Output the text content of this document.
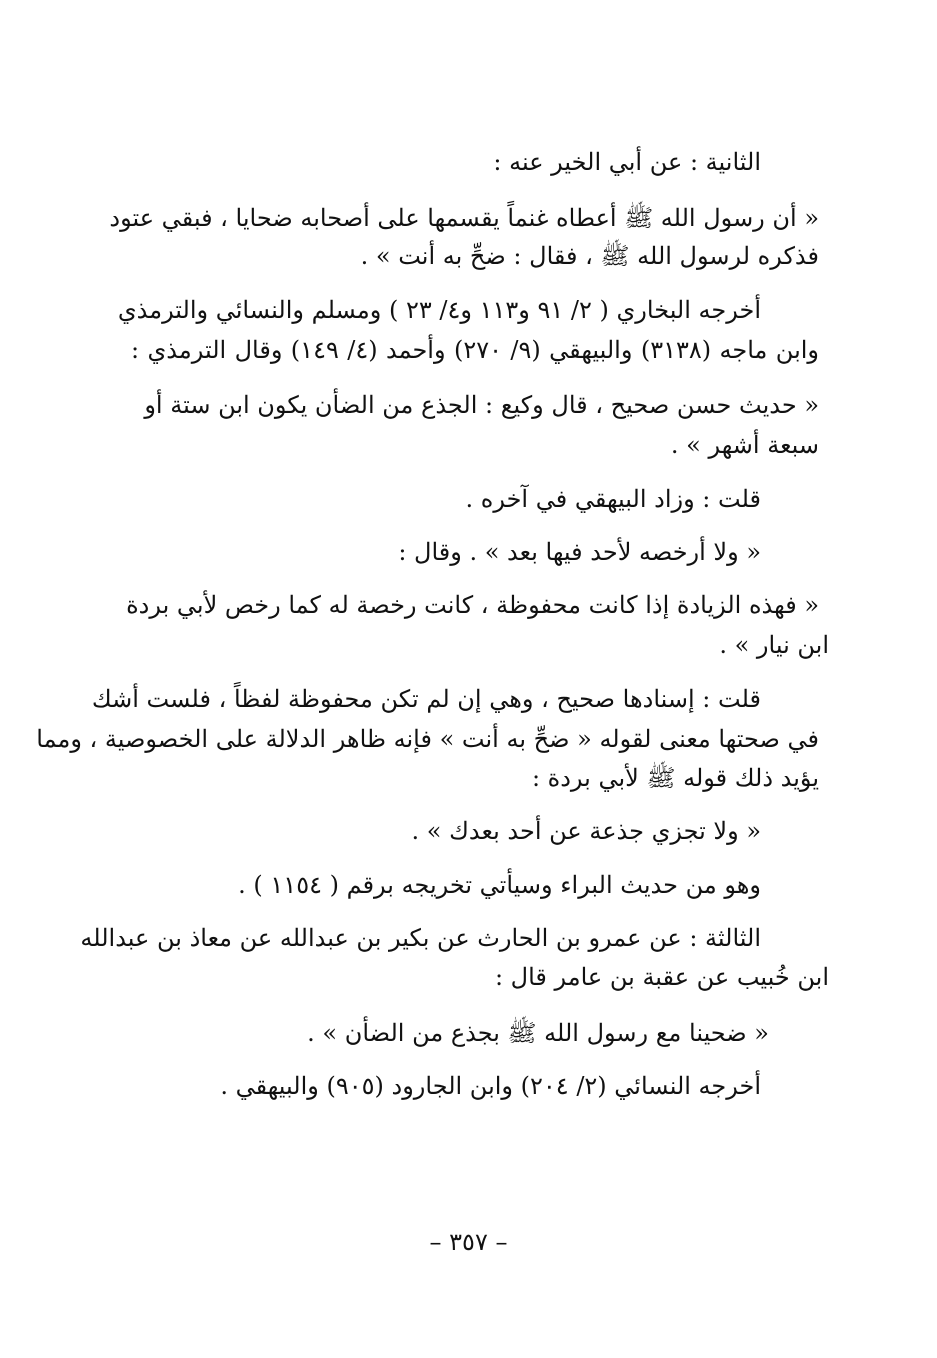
الثانية : عن أبي الخير عنه :
« أن رسول الله ﷺ أعطاه غنماً يقسمها على أصحابه ضحايا ، فبقي عتود
فذكره لرسول الله ﷺ ، فقال : ضحِّ به أنت » .
أخرجه البخاري ( ٢/ ٩١ و١١٣ و٤/ ٢٣ ) ومسلم والنسائي والترمذي
وابن ماجه (٣١٣٨) والبيهقي (٩/ ٢٧٠) وأحمد (٤/ ١٤٩) وقال الترمذي :
« حديث حسن صحيح ، قال وكيع : الجذع من الضأن يكون ابن ستة أو
سبعة أشهر » .
قلت : وزاد البيهقي في آخره .
« ولا أرخصه لأحد فيها بعد » . وقال :
« فهذه الزيادة إذا كانت محفوظة ، كانت رخصة له كما رخص لأبي بردة
ابن نيار » .
قلت : إسنادها صحيح ، وهي إن لم تكن محفوظة لفظاً ، فلست أشك
في صحتها معنى لقوله « ضحِّ به أنت » فإنه ظاهر الدلالة على الخصوصية ، ومما
يؤيد ذلك قوله ﷺ لأبي بردة :
« ولا تجزي جذعة عن أحد بعدك » .
وهو من حديث البراء وسيأتي تخريجه برقم ( ١١٥٤ ) .
الثالثة : عن عمرو بن الحارث عن بكير بن عبدالله عن معاذ بن عبدالله
ابن خُبيب عن عقبة بن عامر قال :
« ضحينا مع رسول الله ﷺ بجذع من الضأن » .
أخرجه النسائي (٢/ ٢٠٤) وابن الجارود (٩٠٥) والبيهقي .
– ٣٥٧ –
